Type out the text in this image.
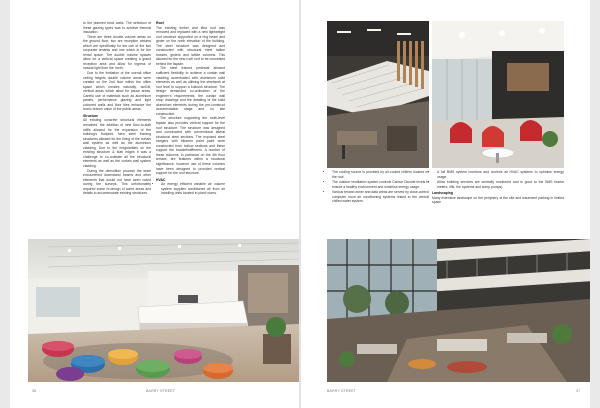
to the planned brick walls. The selection of these glazing types was to achieve thermal insulation.

There are three double volume areas on the ground floor, two are reception atriums which are specifically for the use of the two corporate tenants and one which is for the rental space. The double volume spaces allow for a vertical space creating a grand reception area and allow for ingress of natural light from the north.

Due to the limitation of the overall office ceiling heights double volume areas were created on the 2nd floor within the office space which creates naturally, well-lit, vertical areas which allow for pause areas. Careful use of materials such as aluminium panels, performance glazing and light coloured walls and floor tiles enhance the iconic branch value of the public areas.

Structure

All existing concrete structural elements remained, the addition of new floor-to-slab infills allowed for the expansion of the building's footprint. New steel framing structures allowed for the fixing of the curtain wall system as well as the aluminium cladding. Due to the irregularities on the existing structure & slab edges it was a challenge to co-ordinate all the structural elements as well as the curtain wall system cladding.

During the demolition process the team encountered downstand beams and other elements that would not have been noted during the surveys. This unfortunately required some re-design of some areas and details to accommodate existing structures.

Roof

The existing timber and tiled roof was removed and replaced with a new lightweight roof structure supported on a ring beam and girder on the north elevation of the building. The steel structure was designed and constructed with structural steel lattice trusses, girders and lattice columns. This allowed for the new roof/ roof to be concealed behind the façade.

The steel framed pedestal allowed sufficient flexibility to achieve a curtain wall cladding accentuated with aluminium solid elements as well as utilising the steelwork at roof level to support a bulbous structure. The design demanded co-ordination of the engineer's requirements, the curtain wall shop drawings and the detailing of the solid aluminium elements during the pre-construct documentation stage and on site construction.

The structure supporting the multi-level façade also provides vertical support for the roof structure. The structure was designed and constructed with conventional lateral structural steel sections. The exposed steel hangers with bitumen paint paint were constructed from hollow sections and these support the bracket/stiffeners. A number of these columns, in particular on the 4th floor terrace, are features within a structural significance, however use of these columns have been designed to provided vertical support for the roof structure.

HVAC

• An energy efficient variable air volume system supplies conditioned air from air handling units located in plant rooms.
36	BARRY STREET
• The cooling source is provided by air-cooled chillers located on the roof.
• The outdoor ventilation system controls Carbon Dioxide levels to ensure a healthy environment and minimise energy usage.
• Various tenant owner and data areas are served by close-control computer room air conditioning systems linked to the central chilled water system.
• A full BMS system monitors and controls all HVAC systems to optimise energy usage.
• Allow building services are centrally monitored and is good to the BMS twelve meters, lifts, fire systems and sump pumps).

Landscaping

Many extensive landscape on the periphery of the site and basement parking in limited space

BARRY STREET	37
